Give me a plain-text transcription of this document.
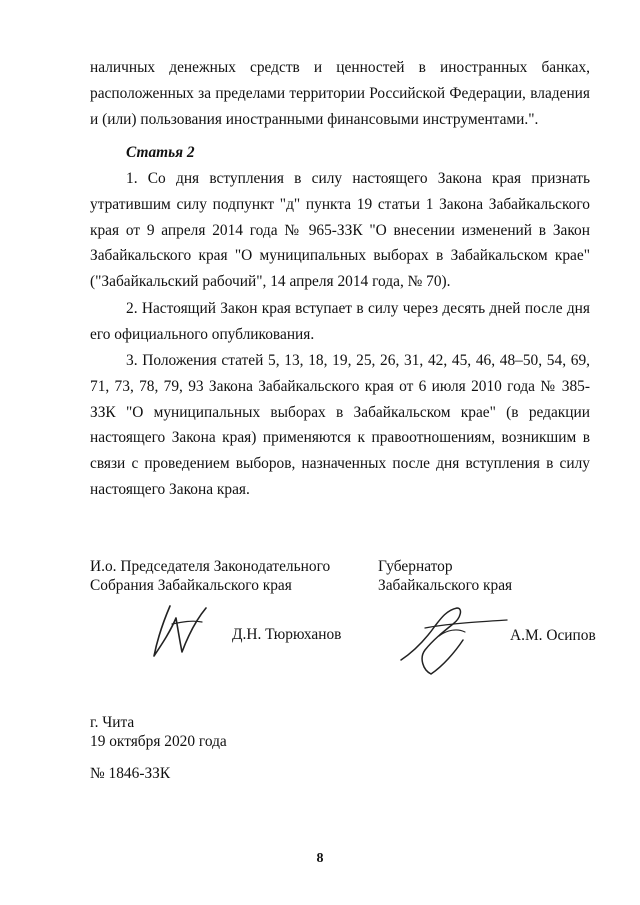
наличных денежных средств и ценностей в иностранных банках, расположенных за пределами территории Российской Федерации, владения и (или) пользования иностранными финансовыми инструментами.".

Статья 2

1. Со дня вступления в силу настоящего Закона края признать утратившим силу подпункт "д" пункта 19 статьи 1 Закона Забайкальского края от 9 апреля 2014 года № 965-ЗЗК "О внесении изменений в Закон Забайкальского края "О муниципальных выборах в Забайкальском крае" ("Забайкальский рабочий", 14 апреля 2014 года, № 70).

2. Настоящий Закон края вступает в силу через десять дней после дня его официального опубликования.

3. Положения статей 5, 13, 18, 19, 25, 26, 31, 42, 45, 46, 48–50, 54, 69, 71, 73, 78, 79, 93 Закона Забайкальского края от 6 июля 2010 года № 385-ЗЗК "О муниципальных выборах в Забайкальском крае" (в редакции настоящего Закона края) применяются к правоотношениям, возникшим в связи с проведением выборов, назначенных после дня вступления в силу настоящего Закона края.

И.о. Председателя Законодательного
Собрания Забайкальского края
Д.Н. Тюрюханов
Губернатор
Забайкальского края
А.М. Осипов
г. Чита
19 октября 2020 года
№ 1846-ЗЗК
8
